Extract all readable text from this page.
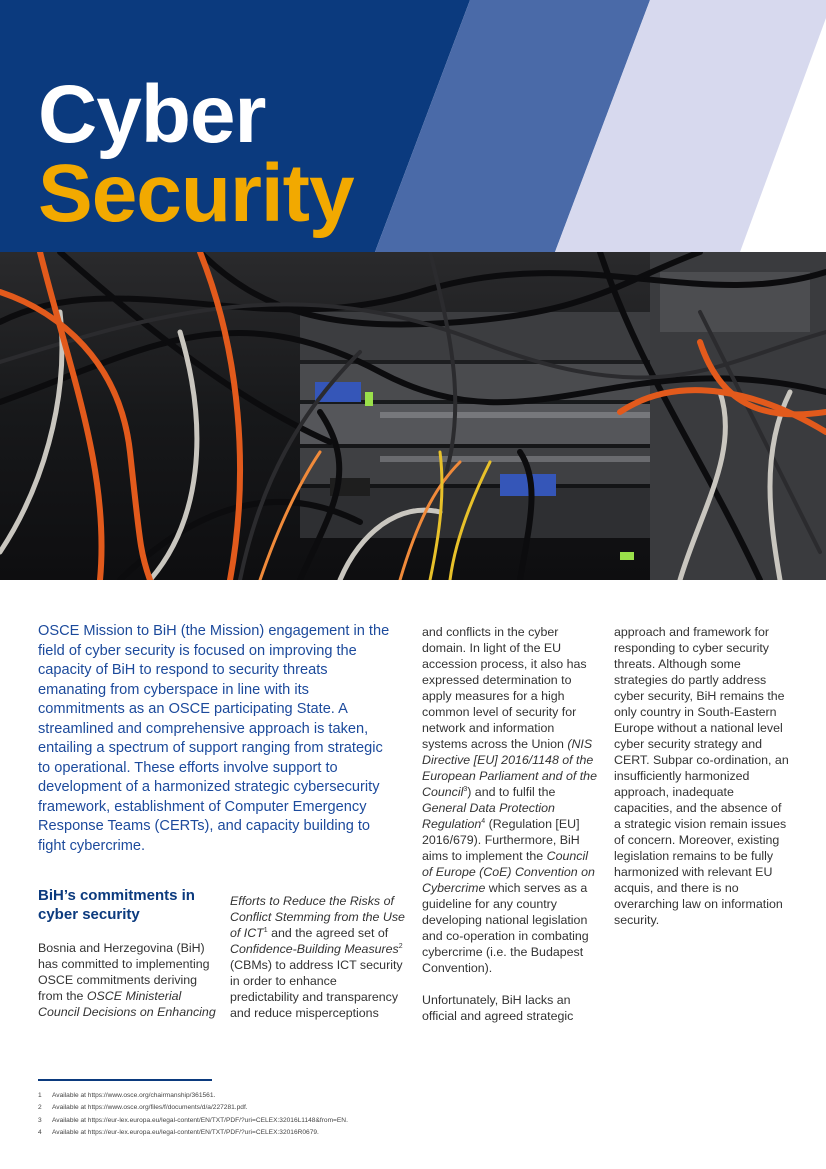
Cyber
Security

OSCE Mission to BiH (the Mission) engagement in the field of cyber security is focused on improving the capacity of BiH to respond to security threats emanating from cyberspace in line with its commitments as an OSCE participating State. A streamlined and comprehensive approach is taken, entailing a spectrum of support ranging from strategic to operational. These efforts involve support to development of a harmonized strategic cybersecurity framework, establishment of Computer Emergency Response Teams (CERTs), and capacity building to fight cybercrime.

BiH’s commitments in cyber security

Bosnia and Herzegovina (BiH) has committed to implementing OSCE commitments deriving from the OSCE Ministerial Council Decisions on Enhancing

Efforts to Reduce the Risks of Conflict Stemming from the Use of ICT$^1$ and the agreed set of Confidence-Building Measures$^2$ (CBMs) to address ICT security in order to enhance predictability and transparency and reduce misperceptions

and conflicts in the cyber domain. In light of the EU accession process, it also has expressed determination to apply measures for a high common level of security for network and information systems across the Union (NIS Directive [EU] 2016/1148 of the European Parliament and of the Council$^3$) and to fulfil the General Data Protection Regulation$^4$ (Regulation [EU] 2016/679). Furthermore, BiH aims to implement the Council of Europe (CoE) Convention on Cybercrime which serves as a guideline for any country developing national legislation and co-operation in combating cybercrime (i.e. the Budapest Convention).

Unfortunately, BiH lacks an official and agreed strategic

approach and framework for responding to cyber security threats. Although some strategies do partly address cyber security, BiH remains the only country in South-Eastern Europe without a national level cyber security strategy and CERT. Subpar co-ordination, an insufficiently harmonized approach, inadequate capacities, and the absence of a strategic vision remain issues of concern. Moreover, existing legislation remains to be fully harmonized with relevant EU acquis, and there is no overarching law on information security.

1 Available at https://www.osce.org/chairmanship/361561.
2 Available at https://www.osce.org/files/f/documents/d/a/227281.pdf.
3 Available at https://eur-lex.europa.eu/legal-content/EN/TXT/PDF/?uri=CELEX:32016L1148&from=EN.
4 Available at https://eur-lex.europa.eu/legal-content/EN/TXT/PDF/?uri=CELEX:32016R0679.
